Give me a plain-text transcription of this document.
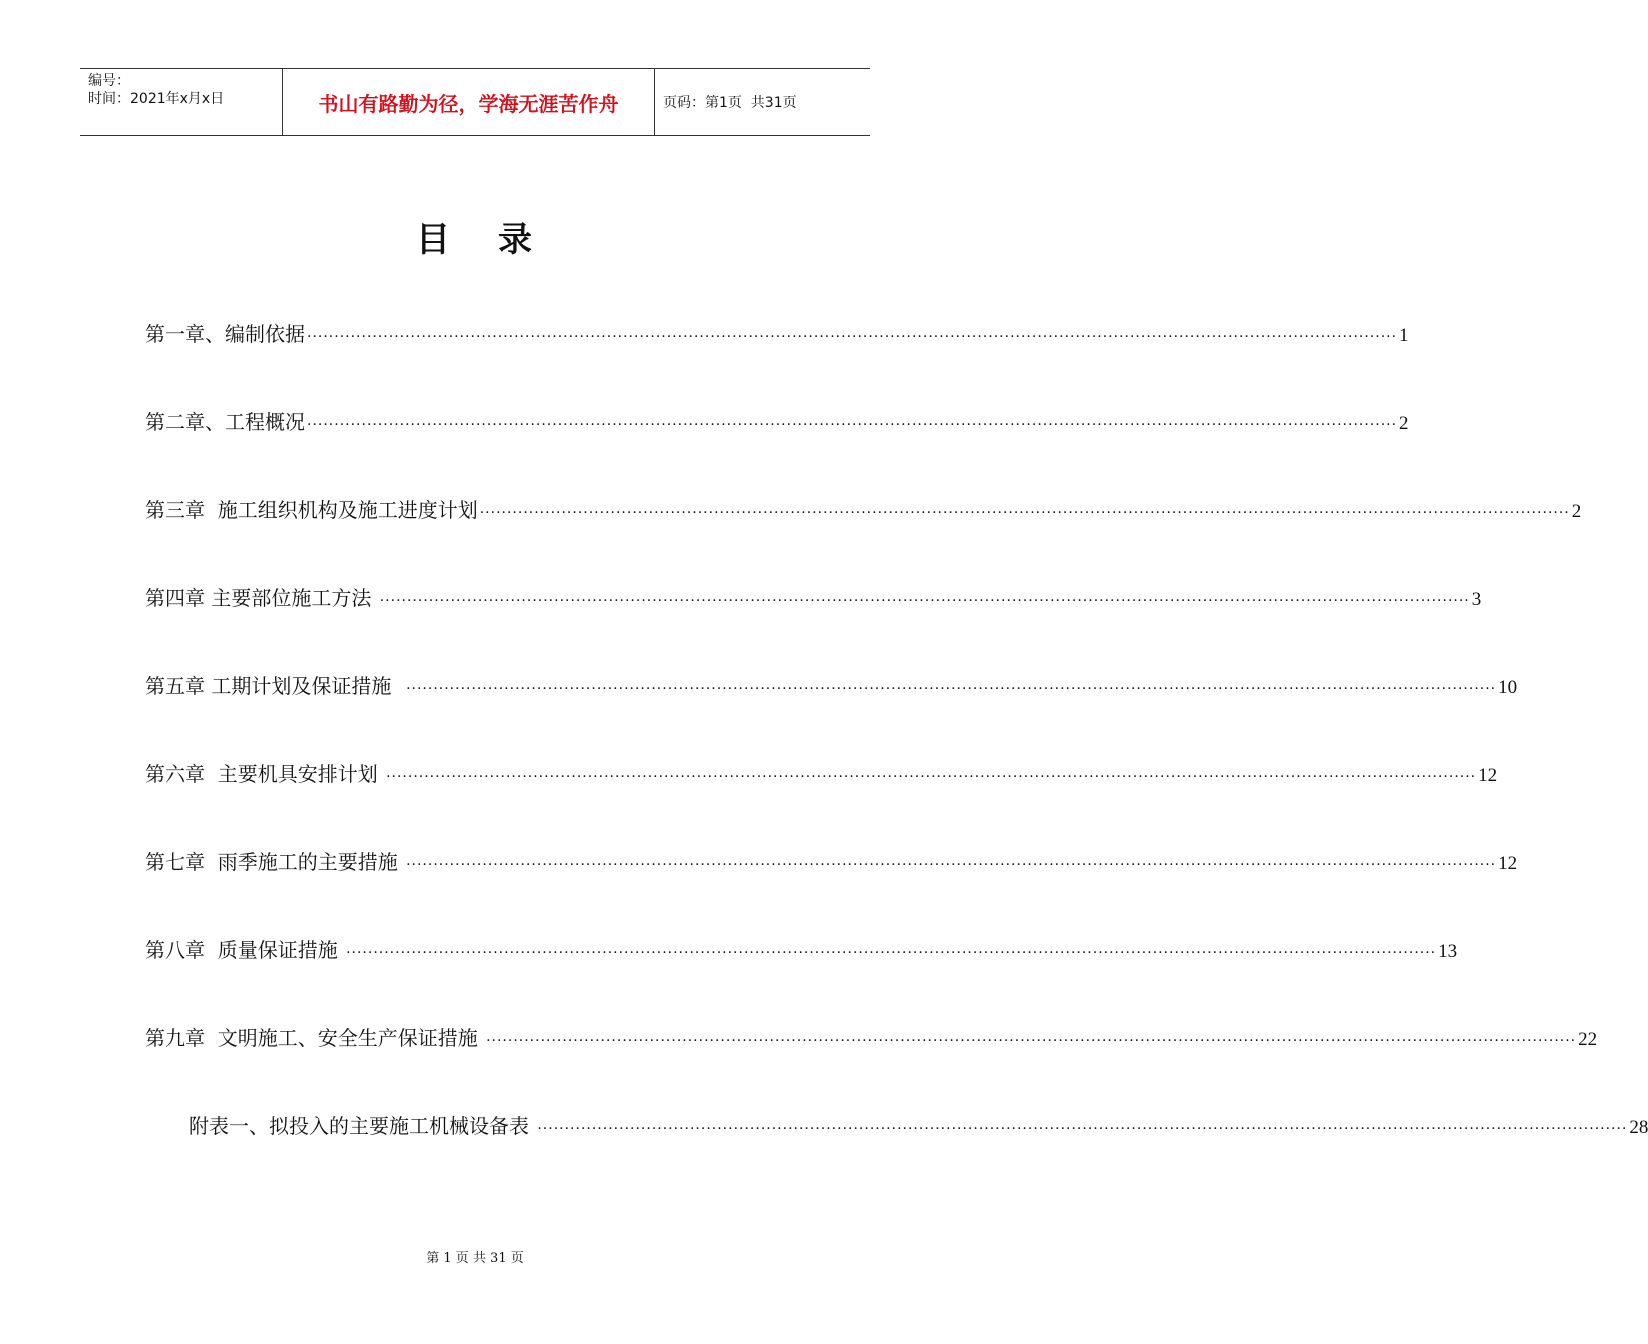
编号：
时间：2021年x月x日	书山有路勤为径，学海无涯苦作舟	页码：第1页  共31页
目 录
第一章、编制依据 ········································································································································································································ 1
第二章、工程概况 ········································································································································································································ 2
第三章  施工组织机构及施工进度计划 ········································································································································································································ 2
第四章 主要部位施工方法 ········································································································································································································ 3
第五章 工期计划及保证措施 ········································································································································································································ 10
第六章  主要机具安排计划 ········································································································································································································ 12
第七章  雨季施工的主要措施 ········································································································································································································ 12
第八章  质量保证措施 ········································································································································································································ 13
第九章  文明施工、安全生产保证措施 ········································································································································································································ 22
附表一、拟投入的主要施工机械设备表 ········································································································································································································ 28
第 1 页 共 31 页
